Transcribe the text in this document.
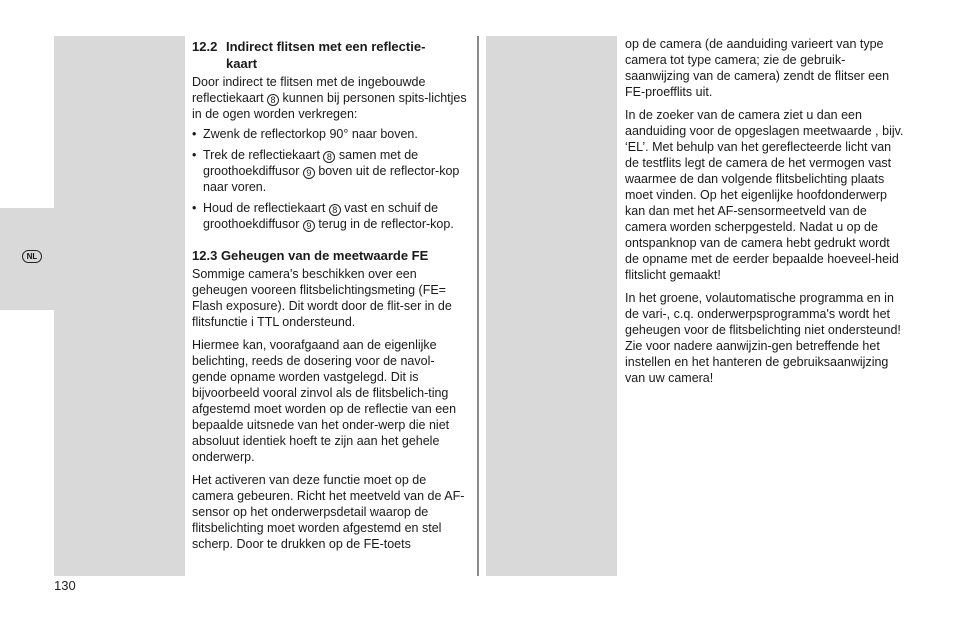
NL
130
12.2 Indirect flitsen met een reflectie-
kaart

Door indirect te flitsen met de ingebouwde reflectiekaart 8 kunnen bij personen spits-lichtjes in de ogen worden verkregen:

• Zwenk de reflectorkop 90° naar boven.
• Trek de reflectiekaart 8 samen met de groothoekdiffusor 9 boven uit de reflector-kop naar voren.
• Houd de reflectiekaart 8 vast en schuif de groothoekdiffusor 9 terug in de reflector-kop.
12.3 Geheugen van de meetwaarde FE

Sommige camera's beschikken over een geheugen vooreen flitsbelichtingsmeting (FE= Flash exposure). Dit wordt door de flit-ser in de flitsfunctie i TTL ondersteund.

Hiermee kan, voorafgaand aan de eigenlijke belichting, reeds de dosering voor de navol-gende opname worden vastgelegd. Dit is bijvoorbeeld vooral zinvol als de flitsbelich-ting afgestemd moet worden op de reflectie van een bepaalde uitsnede van het onder-werp die niet absoluut identiek hoeft te zijn aan het gehele onderwerp.

Het activeren van deze functie moet op de camera gebeuren. Richt het meetveld van de AF-sensor op het onderwerpsdetail waarop de flitsbelichting moet worden afgestemd en stel scherp. Door te drukken op de FE-toets

op de camera (de aanduiding varieert van type camera tot type camera; zie de gebruik-saanwijzing van de camera) zendt de flitser een FE-proefflits uit.

In de zoeker van de camera ziet u dan een aanduiding voor de opgeslagen meetwaarde , bijv. ‘EL’. Met behulp van het gereflecteerde licht van de testflits legt de camera de het vermogen vast waarmee de dan volgende flitsbelichting plaats moet vinden. Op het eigenlijke hoofdonderwerp kan dan met het AF-sensormeetveld van de camera worden scherpgesteld. Nadat u op de ontspanknop van de camera hebt gedrukt wordt de opname met de eerder bepaalde hoeveel-heid flitslicht gemaakt!

In het groene, volautomatische programma en in de vari-, c.q. onderwerpsprogramma's wordt het geheugen voor de flitsbelichting niet ondersteund! Zie voor nadere aanwijzin-gen betreffende het instellen en het hanteren de gebruiksaanwijzing van uw camera!
